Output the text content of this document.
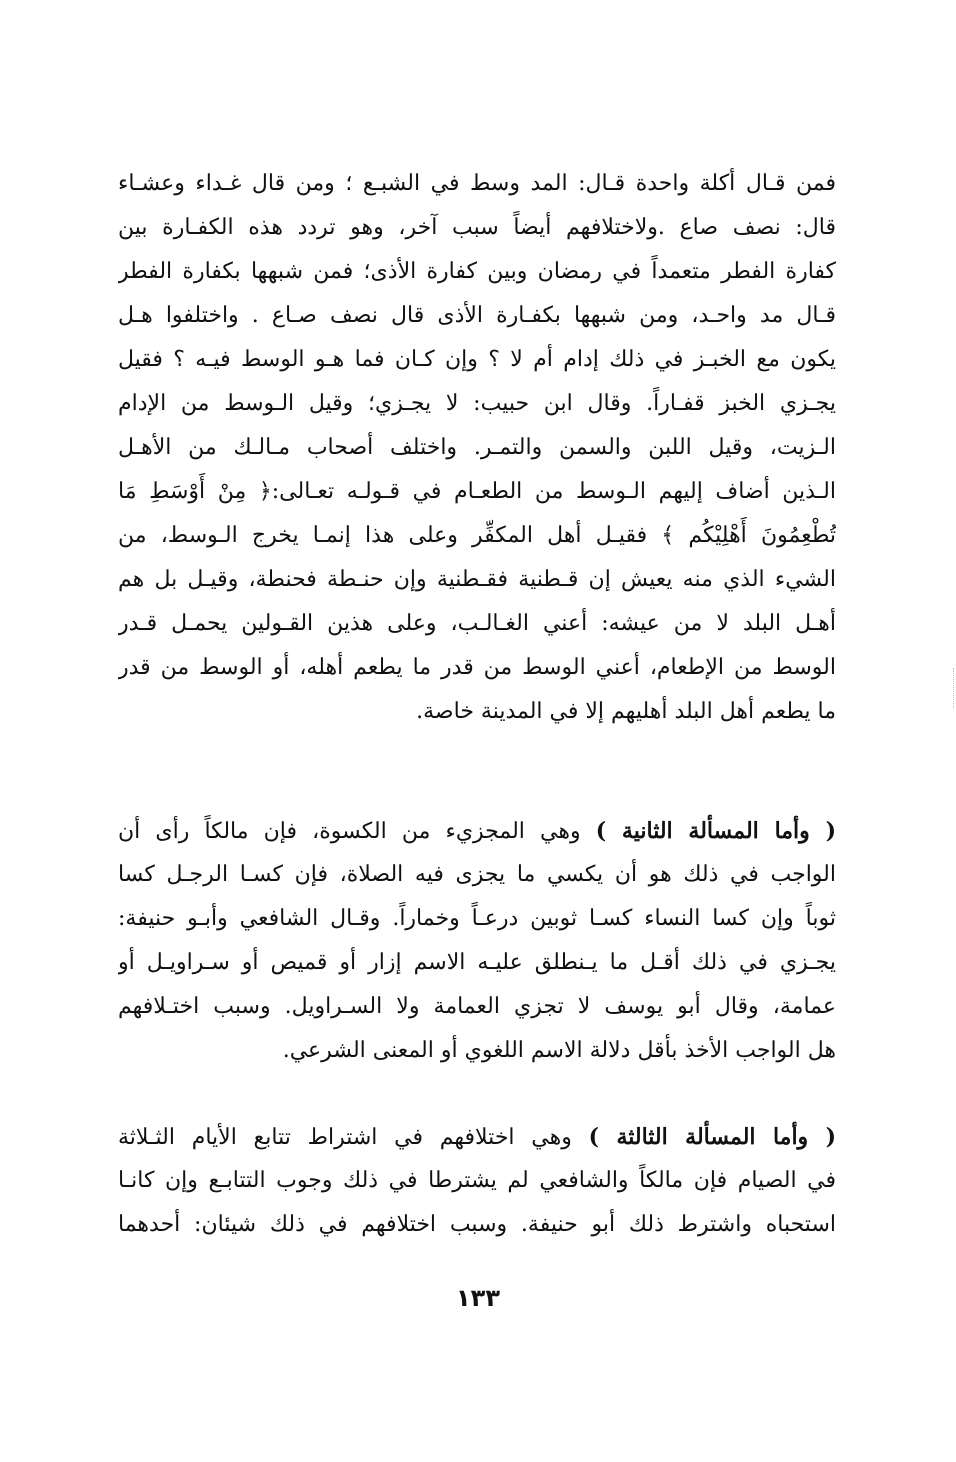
فمن قـال أكلة واحدة قـال: المد وسط في الشبـع ؛ ومن قال غـداء وعشـاء
قال: نصف صاع .ولاختلافهم أيضاً سبب آخر، وهو تردد هذه الكفـارة بين
كفارة الفطر متعمداً في رمضان وبين كفارة الأذى؛ فمن شبهها بكفارة الفطر
قـال مد واحـد، ومن شبهها بكفـارة الأذى قال نصف صـاع . واختلفوا هـل
يكون مع الخبـز في ذلك إدام أم لا ؟ وإن كـان فما هـو الوسط فيـه ؟ فقيل
يجـزي الخبز قفـاراً. وقال ابن حبيب: لا يجـزي؛ وقيل الـوسط من الإدام
الـزيت، وقيل اللبن والسمن والتمـر. واختلف أصحاب مـالـك من الأهـل
الـذين أضاف إليهم الـوسط من الطعـام في قـولـه تعـالى:﴿ مِنْ أَوْسَطِ مَا
تُطْعِمُونَ أَهْلِيْكُم ﴾ فقيـل أهل المكفِّر وعلى هذا إنمـا يخرج الـوسط، من
الشيء الذي منه يعيش إن قـطنية فقـطنية وإن حنـطة فحنطة، وقيـل بل هم
أهـل البلد لا من عيشه: أعني الغـالـب، وعلى هذين القـولين يحمـل قـدر
الوسط من الإطعام، أعني الوسط من قدر ما يطعم أهله، أو الوسط من قدر
ما يطعم أهل البلد أهليهم إلا في المدينة خاصة.
( وأما المسألة الثانية ) وهي المجزيء من الكسوة، فإن مالكاً رأى أن
الواجب في ذلك هو أن يكسي ما يجزى فيه الصلاة، فإن كسـا الرجـل كسا
ثوباً وإن كسا النساء كسـا ثوبين درعـاً وخماراً. وقـال الشافعي وأبـو حنيفة:
يجـزي في ذلك أقـل ما يـنطلق عليـه الاسم إزار أو قميص أو سـراويـل أو
عمامة، وقال أبو يوسف لا تجزي العمامة ولا السـراويل. وسبب اختـلافهم
هل الواجب الأخذ بأقل دلالة الاسم اللغوي أو المعنى الشرعي.
( وأما المسألة الثالثة ) وهي اختلافهم في اشتراط تتابع الأيام الثـلاثة
في الصيام فإن مالكاً والشافعي لم يشترطا في ذلك وجوب التتابـع وإن كانـا
استحباه واشترط ذلك أبو حنيفة. وسبب اختلافهم في ذلك شيئان: أحدهما
١٣٣
